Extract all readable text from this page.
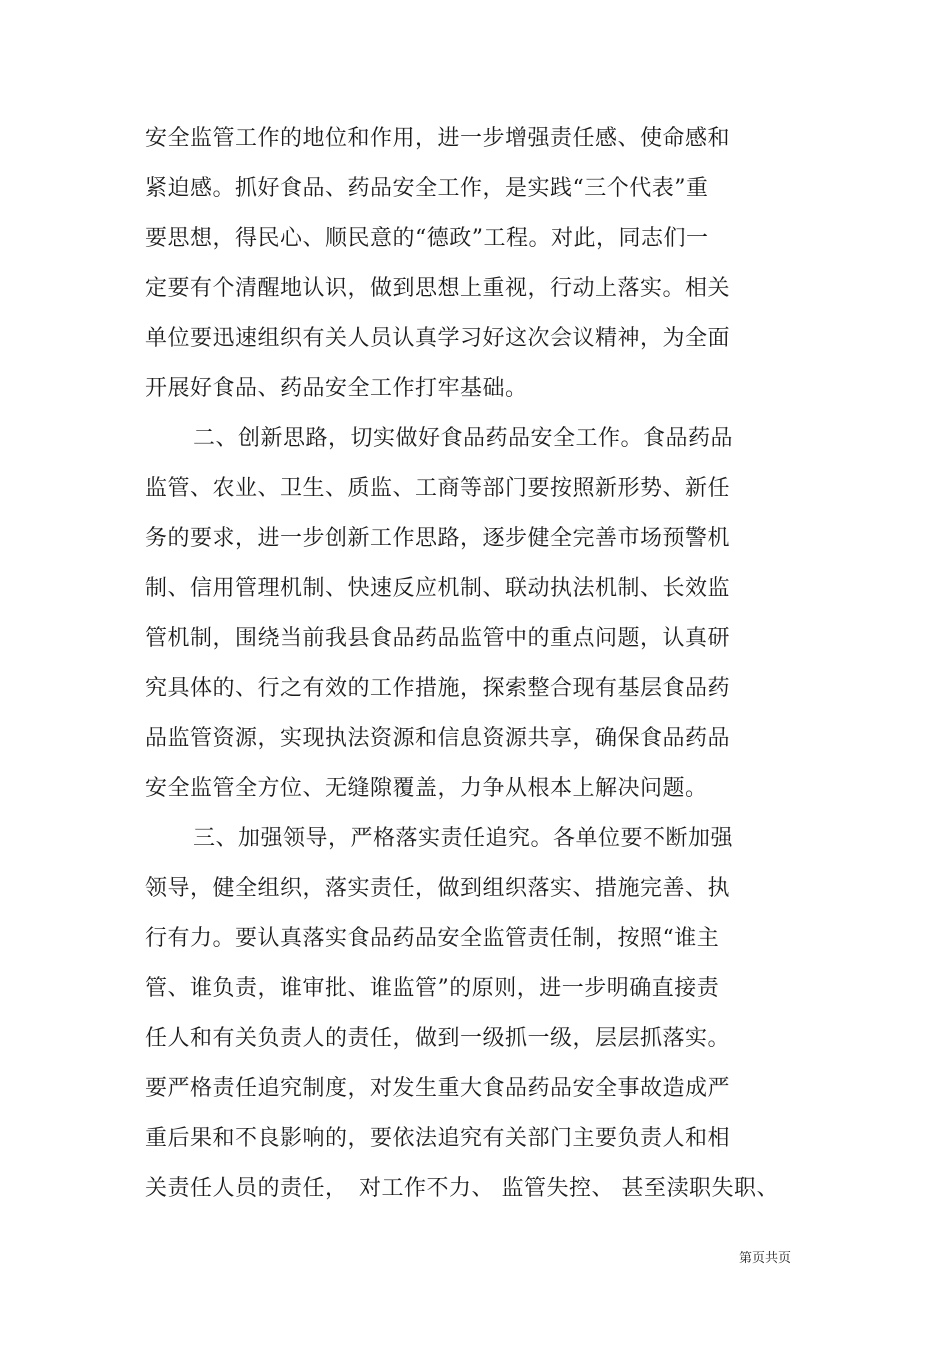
安全监管工作的地位和作用，进一步增强责任感、使命感和
紧迫感。抓好食品、药品安全工作，是实践“三个代表”重
要思想，得民心、顺民意的“德政”工程。对此，同志们一
定要有个清醒地认识，做到思想上重视，行动上落实。相关
单位要迅速组织有关人员认真学习好这次会议精神，为全面
开展好食品、药品安全工作打牢基础。
二、创新思路，切实做好食品药品安全工作。食品药品
监管、农业、卫生、质监、工商等部门要按照新形势、新任
务的要求，进一步创新工作思路，逐步健全完善市场预警机
制、信用管理机制、快速反应机制、联动执法机制、长效监
管机制，围绕当前我县食品药品监管中的重点问题，认真研
究具体的、行之有效的工作措施，探索整合现有基层食品药
品监管资源，实现执法资源和信息资源共享，确保食品药品
安全监管全方位、无缝隙覆盖，力争从根本上解决问题。
三、加强领导，严格落实责任追究。各单位要不断加强
领导，健全组织，落实责任，做到组织落实、措施完善、执
行有力。要认真落实食品药品安全监管责任制，按照“谁主
管、谁负责，谁审批、谁监管”的原则，进一步明确直接责
任人和有关负责人的责任，做到一级抓一级，层层抓落实。
要严格责任追究制度，对发生重大食品药品安全事故造成严
重后果和不良影响的，要依法追究有关部门主要负责人和相
关责任人员的责任，　对工作不力、 监管失控、 甚至渎职失职、
第页共页
